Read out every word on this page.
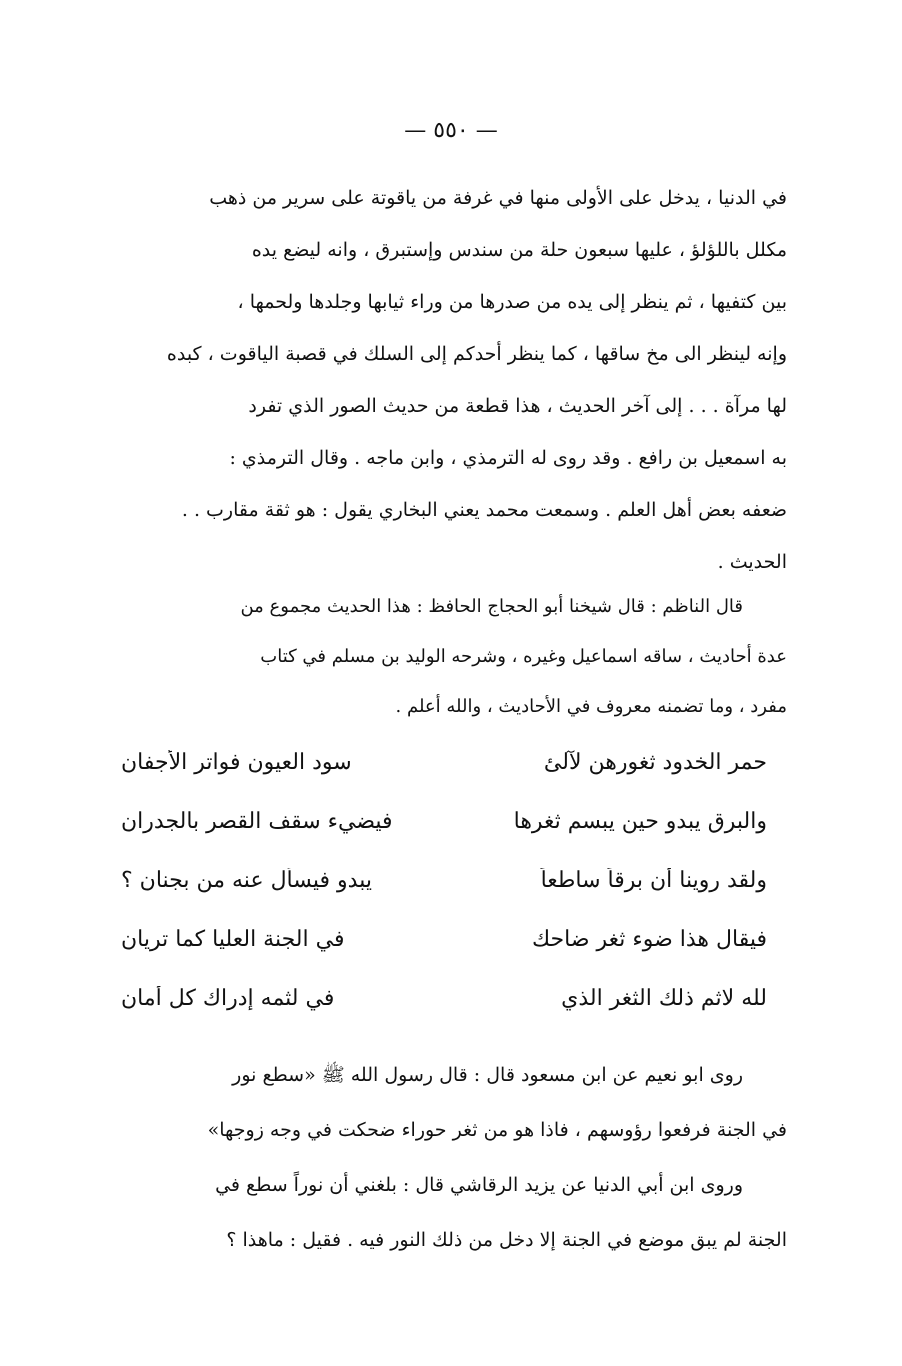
— ٥٥٠ —
في الدنيا ، يدخل على الأولى منها في غرفة من ياقوتة على سرير من ذهب
مكلل باللؤلؤ ، عليها سبعون حلة من سندس وإستبرق ، وانه ليضع يده
بين كتفيها ، ثم ينظر إلى يده من صدرها من وراء ثيابها وجلدها ولحمها ،
وإنه لينظر الى مخ ساقها ، كما ينظر أحدكم إلى السلك في قصبة الياقوت ، كبده
لها مرآة . . . إلى آخر الحديث ، هذا قطعة من حديث الصور الذي تفرد
به اسمعيل بن رافع . وقد روى له الترمذي ، وابن ماجه . وقال الترمذي :
ضعفه بعض أهل العلم . وسمعت محمد يعني البخاري يقول : هو ثقة مقارب . .
الحديث .
قال الناظم : قال شيخنا أبو الحجاج الحافظ : هذا الحديث مجموع من
عدة أحاديث ، ساقه اسماعيل وغيره ، وشرحه الوليد بن مسلم في كتاب
مفرد ، وما تضمنه معروف في الأحاديث ، والله أعلم .
حمر الخدود ثغورهن لآلئ
سود العيون فواتر الأجفان
والبرق يبدو حين يبسم ثغرها
فيضيء سقف القصر بالجدران
ولقد روينا أن برقاً ساطعاً
يبدو فيسأل عنه من بجنان ؟
فيقال هذا ضوء ثغر ضاحك
في الجنة العليا كما تريان
لله لاثم ذلك الثغر الذي
في لثمه إدراك كل أمان
روى ابو نعيم عن ابن مسعود قال : قال رسول الله ﷺ «سطع نور
في الجنة فرفعوا رؤوسهم ، فاذا هو من ثغر حوراء ضحكت في وجه زوجها»
وروى ابن أبي الدنيا عن يزيد الرقاشي قال : بلغني أن نوراً سطع في
الجنة لم يبق موضع في الجنة إلا دخل من ذلك النور فيه . فقيل : ماهذا ؟
